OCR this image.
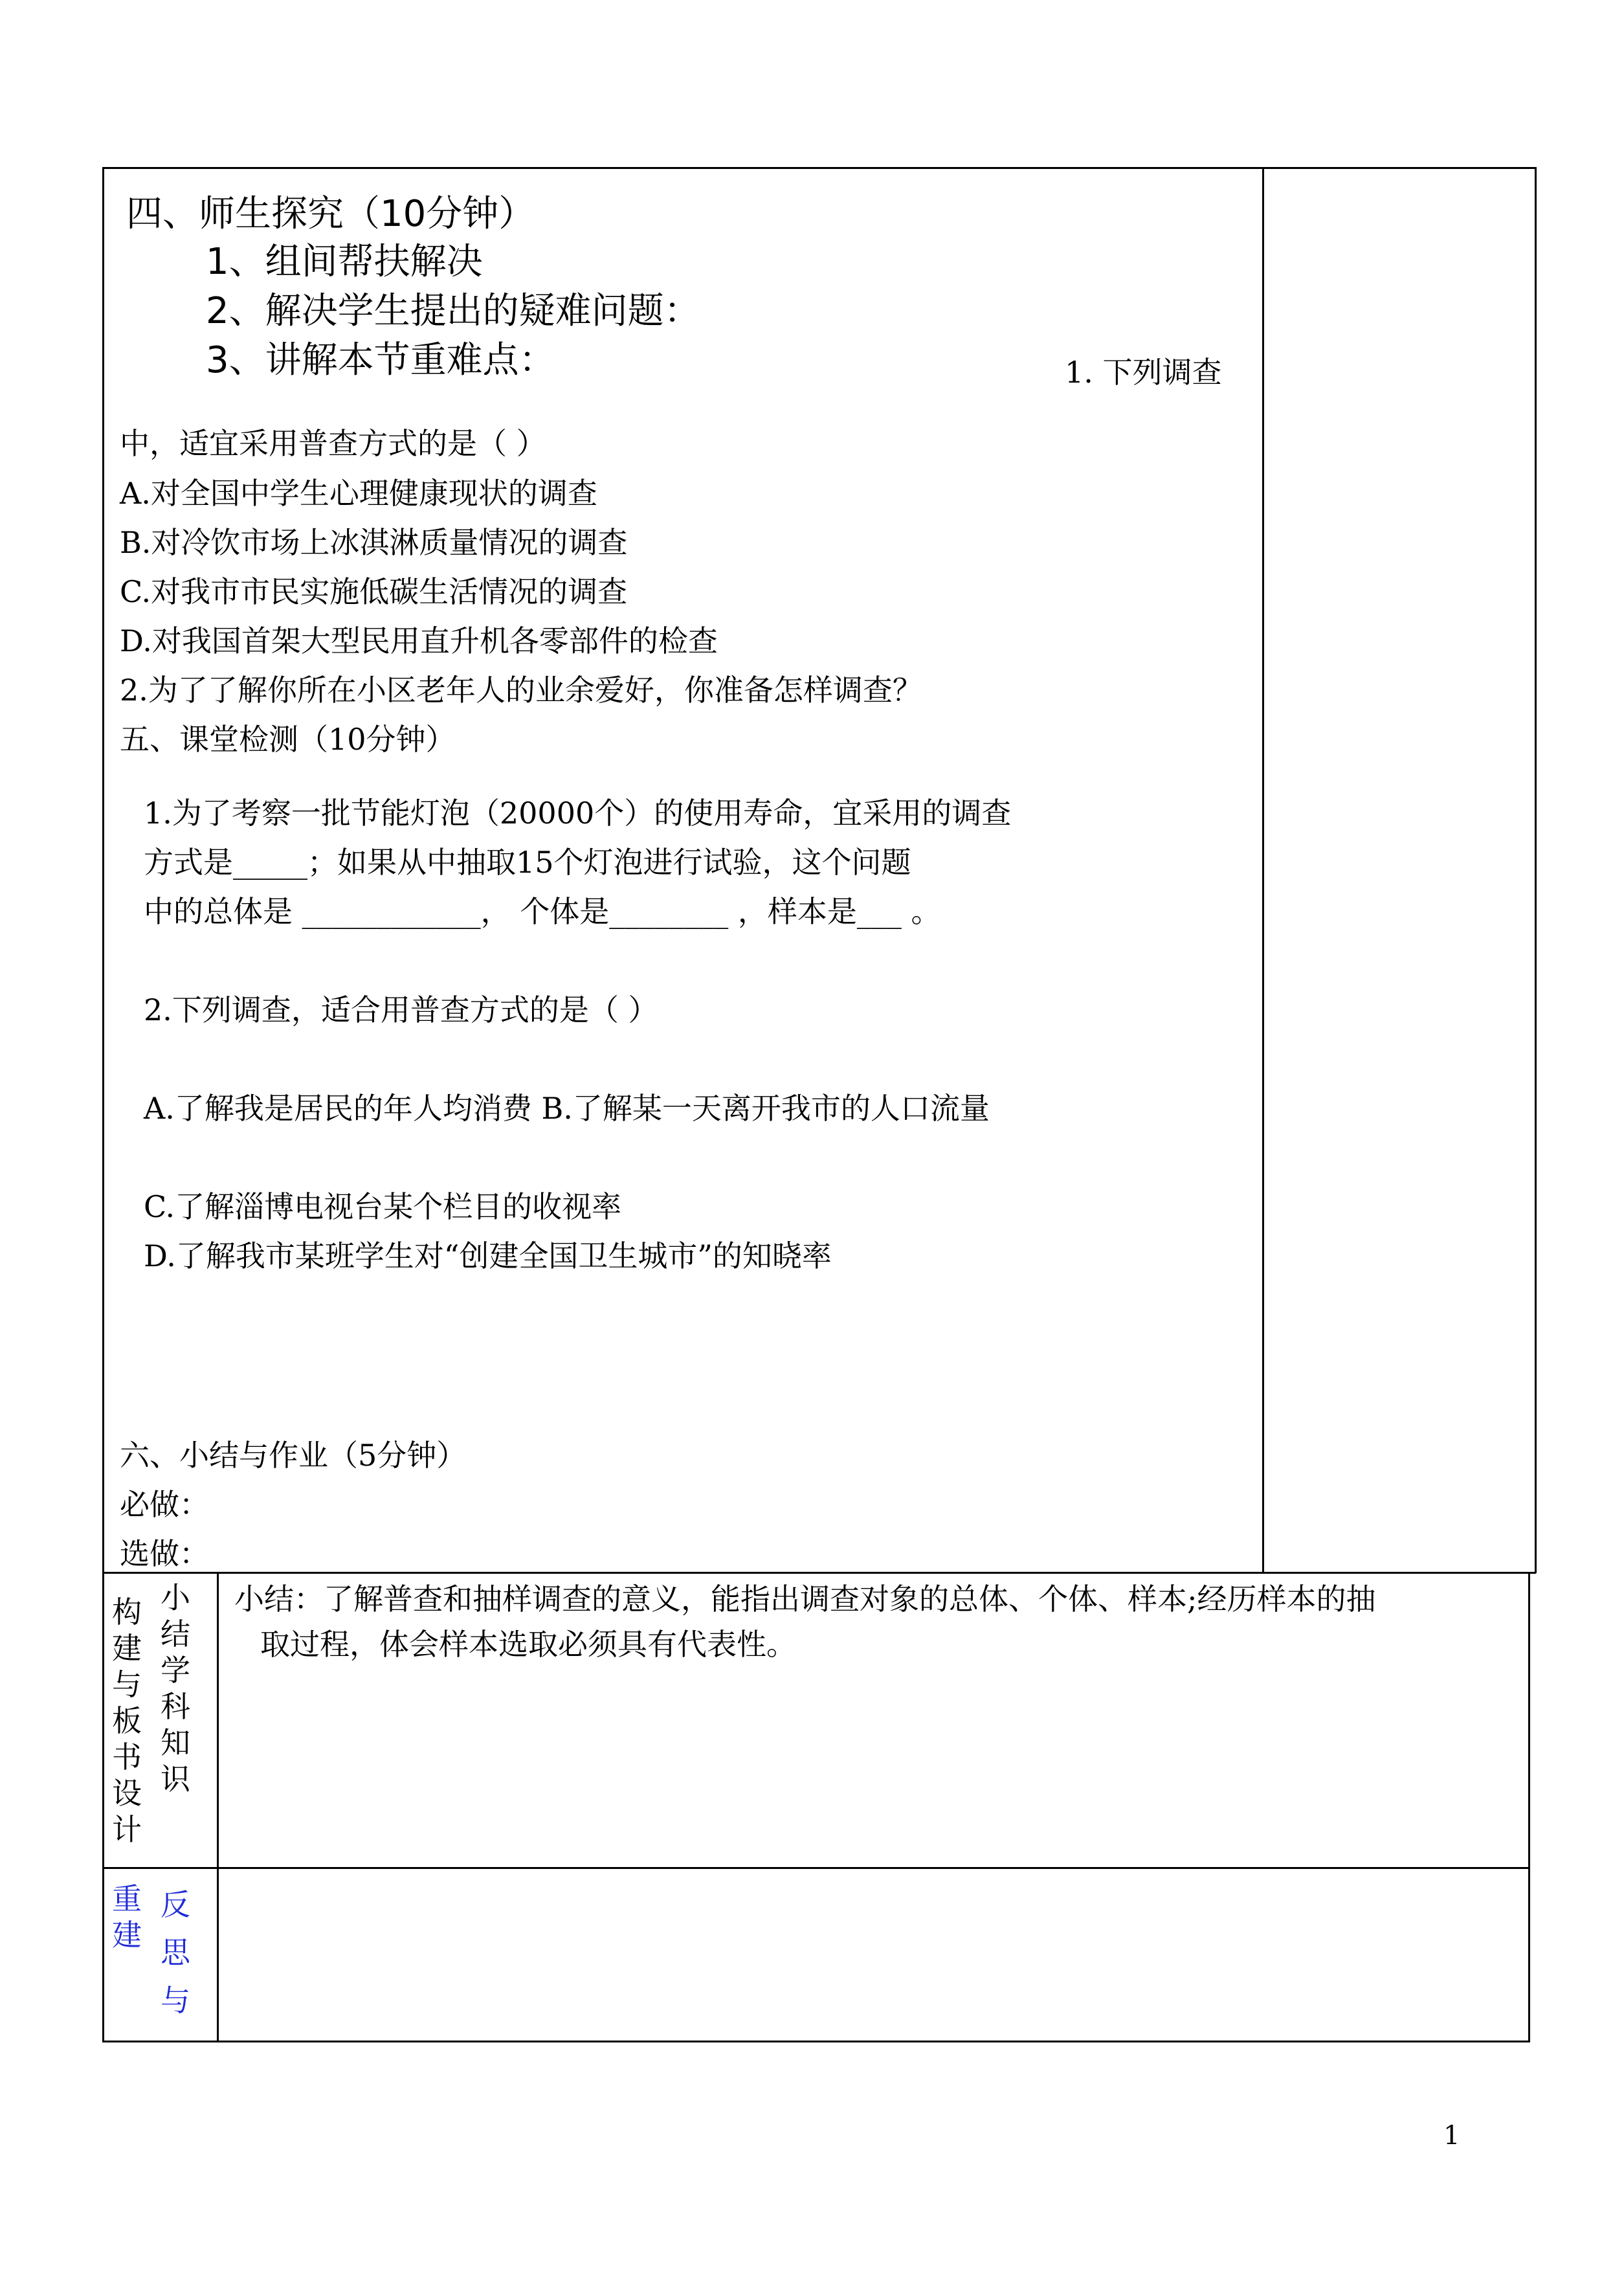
四、师生探究（10分钟）
1、组间帮扶解决
2、解决学生提出的疑难问题：
3、讲解本节重难点：	1. 下列调查
中，适宜采用普查方式的是（ ）
A.对全国中学生心理健康现状的调查
B.对冷饮市场上冰淇淋质量情况的调查
C.对我市市民实施低碳生活情况的调查
D.对我国首架大型民用直升机各零部件的检查
2.为了了解你所在小区老年人的业余爱好，你准备怎样调查？
五、课堂检测（10分钟）
1.为了考察一批节能灯泡（20000个）的使用寿命，宜采用的调查
方式是_____；如果从中抽取15个灯泡进行试验，这个问题
中的总体是 ____________， 个体是________ ，样本是___ 。
2.下列调查，适合用普查方式的是（ ）
A.了解我是居民的年人均消费 B.了解某一天离开我市的人口流量
C.了解淄博电视台某个栏目的收视率
D.了解我市某班学生对“创建全国卫生城市”的知晓率
六、小结与作业（5分钟）
必做：
选做：
构建与板书设计
小结学科知识
小结：了解普查和抽样调查的意义，能指出调查对象的总体、个体、样本;经历样本的抽
取过程，体会样本选取必须具有代表性。
重建
反思与
1
